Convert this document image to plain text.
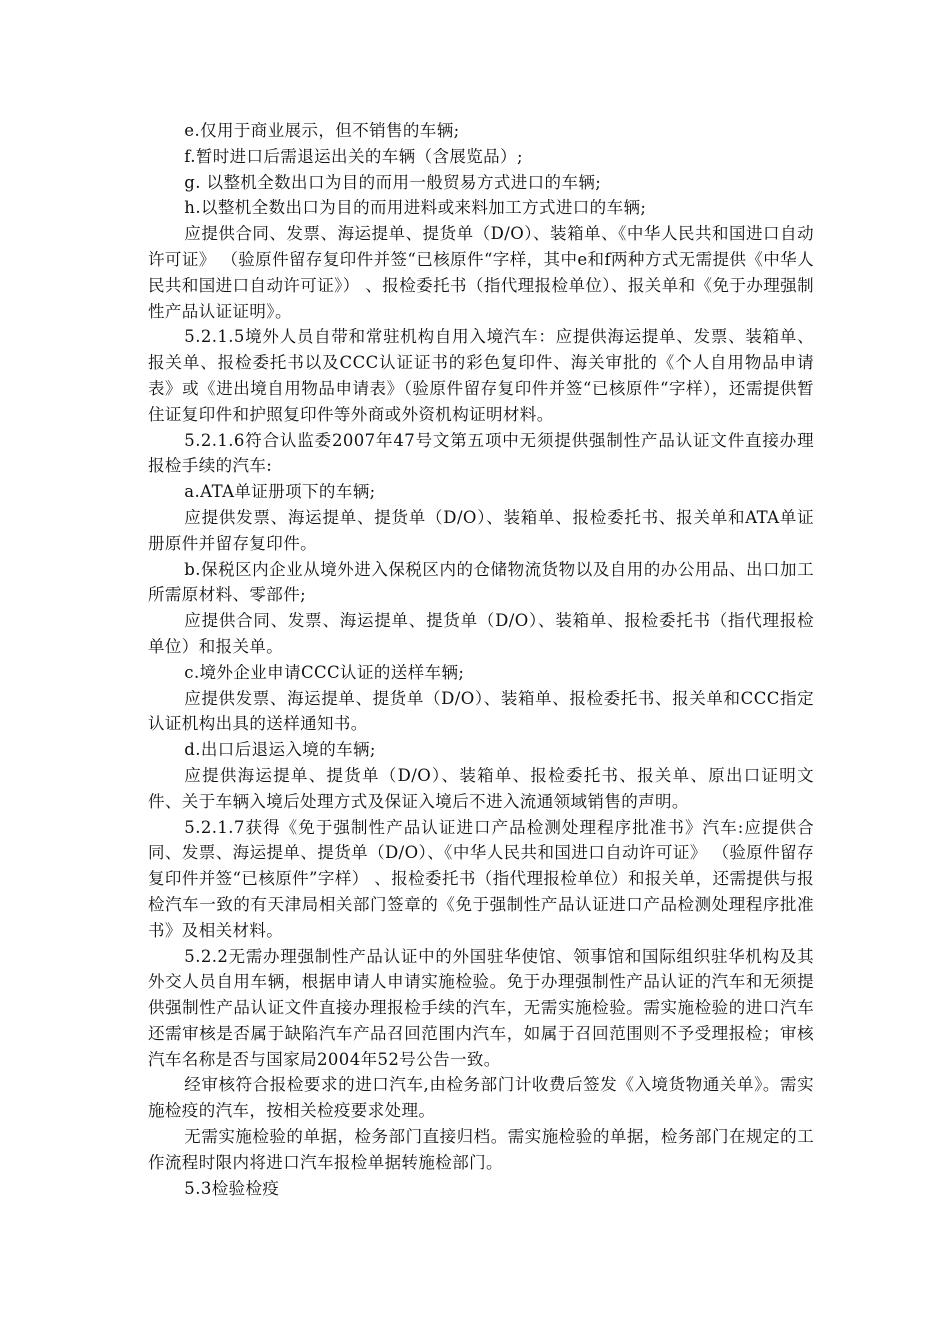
e.仅用于商业展示，但不销售的车辆;

f.暂时进口后需退运出关的车辆（含展览品）;

g. 以整机全数出口为目的而用一般贸易方式进口的车辆;

h.以整机全数出口为目的而用进料或来料加工方式进口的车辆;

应提供合同、发票、海运提单、提货单（D/O）、装箱单、《中华人民共和国进口自动许可证》 （验原件留存复印件并签“已核原件“字样，其中e和f两种方式无需提供《中华人民共和国进口自动许可证》） 、报检委托书（指代理报检单位）、报关单和《免于办理强制性产品认证证明》。

5.2.1.5境外人员自带和常驻机构自用入境汽车：应提供海运提单、发票、装箱单、报关单、报检委托书以及CCC认证证书的彩色复印件、海关审批的《个人自用物品申请表》或《进出境自用物品申请表》（验原件留存复印件并签“已核原件“字样），还需提供暂住证复印件和护照复印件等外商或外资机构证明材料。

5.2.1.6符合认监委2007年47号文第五项中无须提供强制性产品认证文件直接办理报检手续的汽车:

a.ATA单证册项下的车辆;

应提供发票、海运提单、提货单（D/O）、装箱单、报检委托书、报关单和ATA单证册原件并留存复印件。

b.保税区内企业从境外进入保税区内的仓储物流货物以及自用的办公用品、出口加工所需原材料、零部件;

应提供合同、发票、海运提单、提货单（D/O）、装箱单、报检委托书（指代理报检单位）和报关单。

c.境外企业申请CCC认证的送样车辆;

应提供发票、海运提单、提货单（D/O）、装箱单、报检委托书、报关单和CCC指定认证机构出具的送样通知书。

d.出口后退运入境的车辆;

应提供海运提单、提货单（D/O）、装箱单、报检委托书、报关单、原出口证明文件、关于车辆入境后处理方式及保证入境后不进入流通领域销售的声明。

5.2.1.7获得《免于强制性产品认证进口产品检测处理程序批准书》汽车:应提供合同、发票、海运提单、提货单（D/O）、《中华人民共和国进口自动许可证》 （验原件留存复印件并签“已核原件”字样） 、报检委托书（指代理报检单位）和报关单，还需提供与报检汽车一致的有天津局相关部门签章的《免于强制性产品认证进口产品检测处理程序批准书》及相关材料。

5.2.2无需办理强制性产品认证中的外国驻华使馆、领事馆和国际组织驻华机构及其外交人员自用车辆，根据申请人申请实施检验。免于办理强制性产品认证的汽车和无须提供强制性产品认证文件直接办理报检手续的汽车，无需实施检验。需实施检验的进口汽车还需审核是否属于缺陷汽车产品召回范围内汽车，如属于召回范围则不予受理报检；审核汽车名称是否与国家局2004年52号公告一致。

经审核符合报检要求的进口汽车,由检务部门计收费后签发《入境货物通关单》。需实施检疫的汽车，按相关检疫要求处理。

无需实施检验的单据，检务部门直接归档。需实施检验的单据，检务部门在规定的工作流程时限内将进口汽车报检单据转施检部门。

5.3检验检疫
